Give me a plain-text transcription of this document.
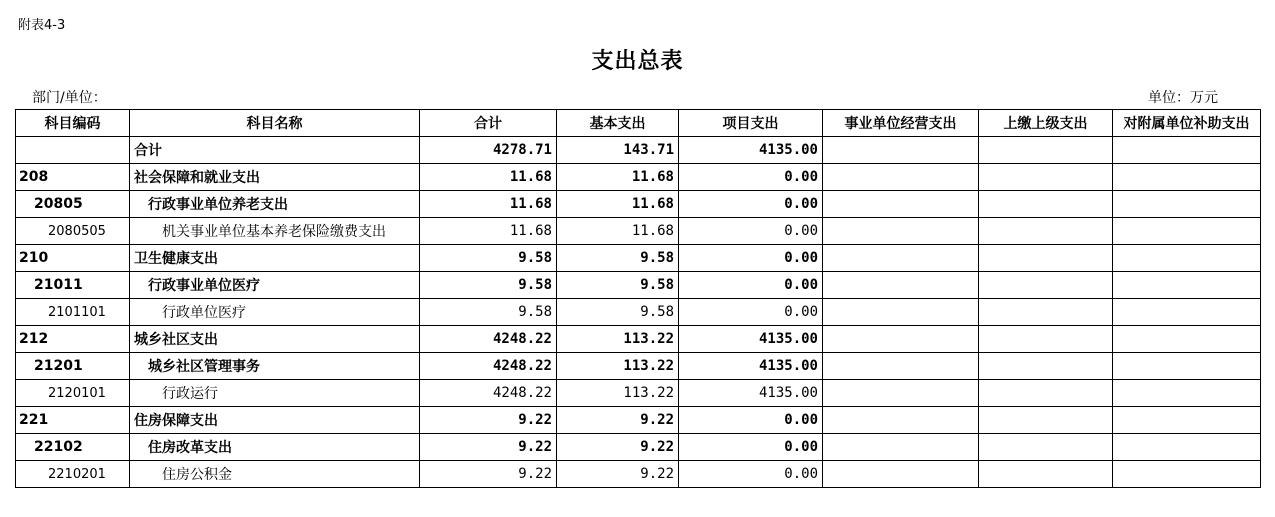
附表4-3
支出总表
部门/单位：	单位：万元
科目编码	科目名称	合计	基本支出	项目支出	事业单位经营支出	上缴上级支出	对附属单位补助支出
	合计	4278.71	143.71	4135.00			
208	社会保障和就业支出	11.68	11.68	0.00			
20805	行政事业单位养老支出	11.68	11.68	0.00			
2080505	机关事业单位基本养老保险缴费支出	11.68	11.68	0.00			
210	卫生健康支出	9.58	9.58	0.00			
21011	行政事业单位医疗	9.58	9.58	0.00			
2101101	行政单位医疗	9.58	9.58	0.00			
212	城乡社区支出	4248.22	113.22	4135.00			
21201	城乡社区管理事务	4248.22	113.22	4135.00			
2120101	行政运行	4248.22	113.22	4135.00			
221	住房保障支出	9.22	9.22	0.00			
22102	住房改革支出	9.22	9.22	0.00			
2210201	住房公积金	9.22	9.22	0.00			
